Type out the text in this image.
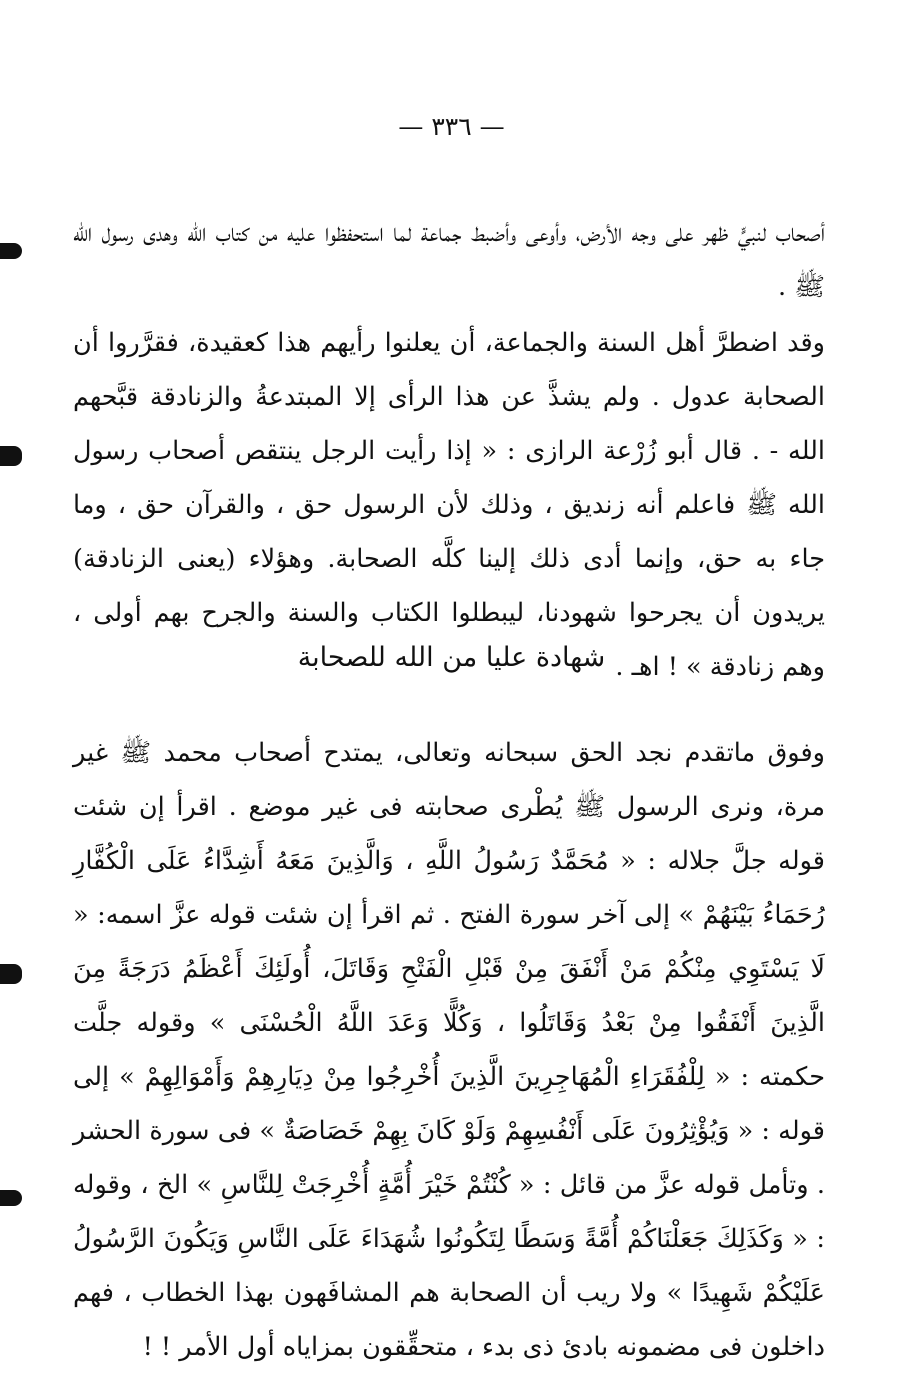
— ٣٣٦ —

أصحاب لنبيٍّ ظهر على وجه الأرض، وأوعى وأضبط جماعة لما استحفظوا عليه من كتاب الله وهدى رسول الله ﷺ .

وقد اضطرَّ أهل السنة والجماعة، أن يعلنوا رأيهم هذا كعقيدة، فقرَّروا أن الصحابة عدول . ولم يشذَّ عن هذا الرأى إلا المبتدعةُ والزنادقة قبَّحهم الله - . قال أبو زُرْعة الرازى : « إذا رأيت الرجل ينتقص أصحاب رسول الله ﷺ فاعلم أنه زنديق ، وذلك لأن الرسول حق ، والقرآن حق ، وما جاء به حق، وإنما أدى ذلك إلينا كلَّه الصحابة. وهؤلاء (يعنى الزنادقة) يريدون أن يجرحوا شهودنا، ليبطلوا الكتاب والسنة والجرح بهم أولى ، وهم زنادقة » ! اهـ .

شهادة عليا من الله للصحابة

وفوق ماتقدم نجد الحق سبحانه وتعالى، يمتدح أصحاب محمد ﷺ غير مرة، ونرى الرسول ﷺ يُطْرى صحابته فى غير موضع . اقرأ إن شئت قوله جلَّ جلاله : « مُحَمَّدٌ رَسُولُ اللَّهِ ، وَالَّذِينَ مَعَهُ أَشِدَّاءُ عَلَى الْكُفَّارِ رُحَمَاءُ بَيْنَهُمْ » إلى آخر سورة الفتح . ثم اقرأ إن شئت قوله عزَّ اسمه: « لَا يَسْتَوِي مِنْكُمْ مَنْ أَنْفَقَ مِنْ قَبْلِ الْفَتْحِ وَقَاتَلَ، أُولَئِكَ أَعْظَمُ دَرَجَةً مِنَ الَّذِينَ أَنْفَقُوا مِنْ بَعْدُ وَقَاتَلُوا ، وَكُلًّا وَعَدَ اللَّهُ الْحُسْنَى » وقوله جلَّت حكمته : « لِلْفُقَرَاءِ الْمُهَاجِرِينَ الَّذِينَ أُخْرِجُوا مِنْ دِيَارِهِمْ وَأَمْوَالِهِمْ » إلى قوله : « وَيُؤْثِرُونَ عَلَى أَنْفُسِهِمْ وَلَوْ كَانَ بِهِمْ خَصَاصَةٌ » فى سورة الحشر . وتأمل قوله عزَّ من قائل : « كُنْتُمْ خَيْرَ أُمَّةٍ أُخْرِجَتْ لِلنَّاسِ » الخ ، وقوله : « وَكَذَلِكَ جَعَلْنَاكُمْ أُمَّةً وَسَطًا لِتَكُونُوا شُهَدَاءَ عَلَى النَّاسِ وَيَكُونَ الرَّسُولُ عَلَيْكُمْ شَهِيدًا » ولا ريب أن الصحابة هم المشافَهون بهذا الخطاب ، فهم داخلون فى مضمونه بادئ ذى بدء ، متحقِّقون بمزاياه أول الأمر ! !
